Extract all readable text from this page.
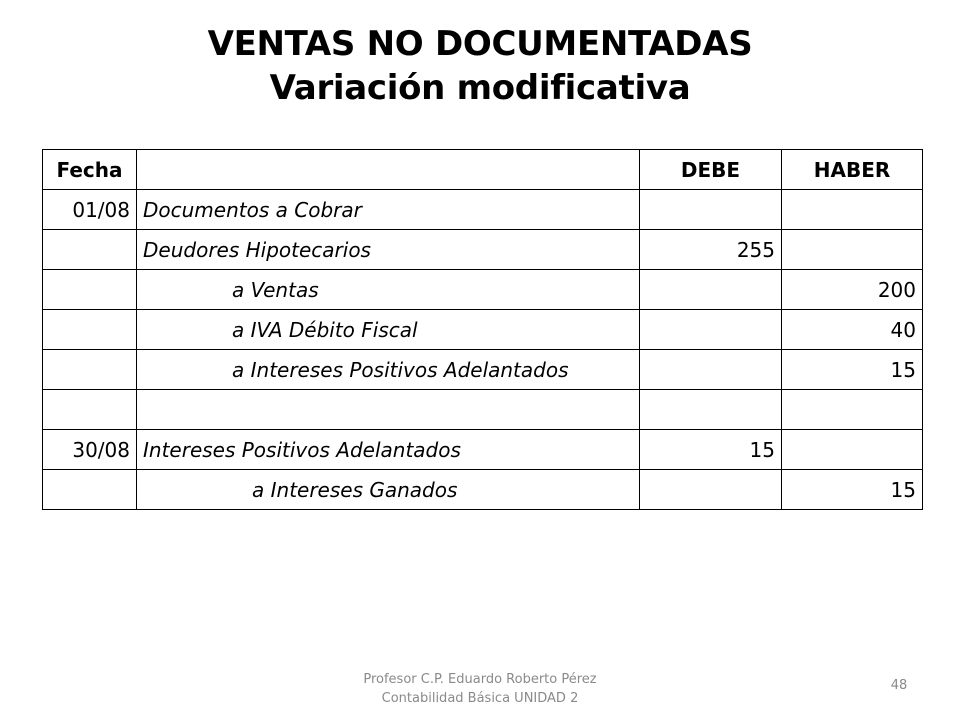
VENTAS NO DOCUMENTADAS
Variación modificativa
Fecha		DEBE	HABER
01/08	Documentos a Cobrar		
	Deudores Hipotecarios	255	
	a Ventas		200
	a IVA Débito Fiscal		40
	a Intereses Positivos Adelantados		15

30/08	Intereses Positivos Adelantados	15	
	a Intereses Ganados		15
Profesor C.P. Eduardo Roberto Pérez
Contabilidad Básica UNIDAD 2
48
